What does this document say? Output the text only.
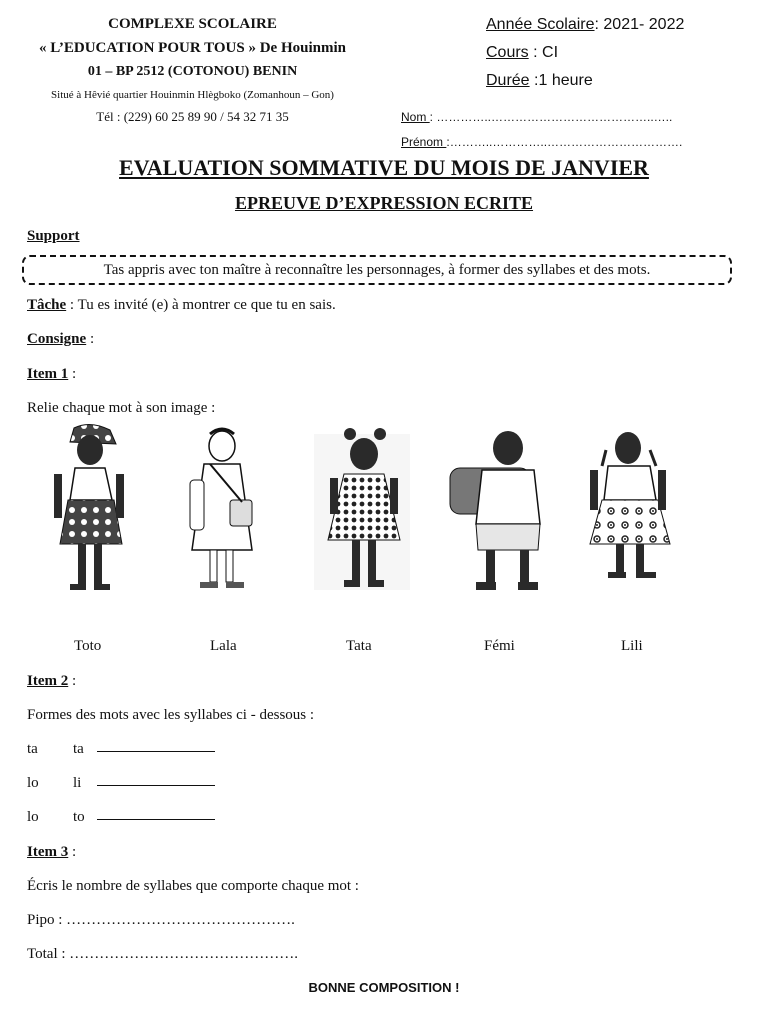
COMPLEXE SCOLAIRE
« L’EDUCATION POUR TOUS » De Houinmin
01 – BP 2512 (COTONOU) BENIN
Situé à Hêvié quartier Houinmin Hlègboko (Zomanhoun – Gon)
Tél : (229) 60 25 89 90 / 54 32 71 35
Année Scolaire: 2021- 2022
Cours : CI
Durée :1 heure
Nom : …………..…………………………………..…..
Prénom :………..…………..…………………………….
EVALUATION SOMMATIVE DU MOIS DE JANVIER
EPREUVE D’EXPRESSION ECRITE
Support
Tas appris avec ton maître à reconnaître les personnages, à former des syllabes et des mots.
Tâche : Tu es invité (e) à montrer ce que tu en sais.
Consigne :
Item 1 :
Relie chaque mot à son image :
Toto	Lala	Tata	Fémi	Lili
Item 2 :
Formes des mots avec les syllabes ci - dessous :
ta ta
lo li
lo to
Item 3 :
Écris le nombre de syllabes que comporte chaque mot :
Pipo : ……………………………………….
Total : ……………………………………….
BONNE COMPOSITION !
